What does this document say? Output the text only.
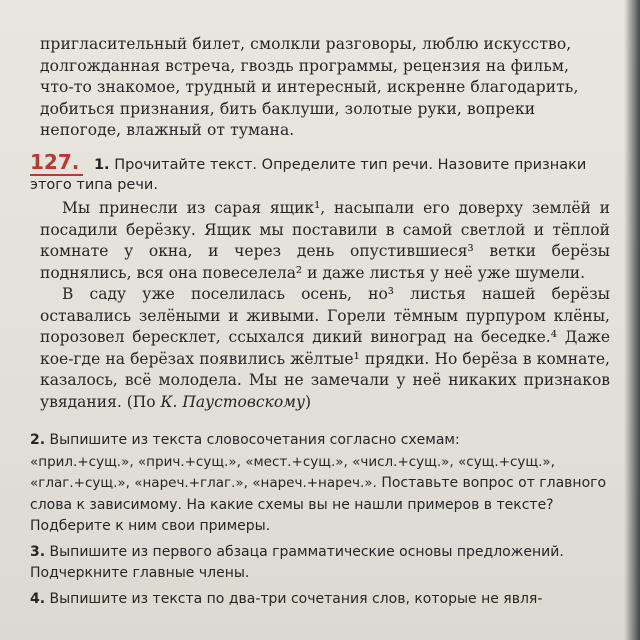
пригласительный билет, смолкли разговоры, люблю искусство, долгожданная встреча, гвоздь программы, рецензия на фильм, что-то знакомое, трудный и интересный, искренне благодарить, добиться признания, бить баклуши, золотые руки, вопреки непогоде, влажный от тумана.

127. 1. Прочитайте текст. Определите тип речи. Назовите признаки этого типа речи.

Мы принесли из сарая ящик¹, насыпали его доверху землёй и посадили берёзку. Ящик мы поставили в самой светлой и тёплой комнате у окна, и через день опустившиеся³ ветки берёзы поднялись, вся она повеселела² и даже листья у неё уже шумели.

В саду уже поселилась осень, но³ листья нашей берёзы оставались зелёными и живыми. Горели тёмным пурпуром клёны, порозовел бересклет, ссыхался дикий виноград на беседке.⁴ Даже кое-где на берёзах появились жёлтые¹ прядки. Но берёза в комнате, казалось, всё молодела. Мы не замечали у неё никаких признаков увядания. (По К. Паустовскому)

2. Выпишите из текста словосочетания согласно схемам:
«прил.+сущ.», «прич.+сущ.», «мест.+сущ.», «числ.+сущ.», «сущ.+сущ.»,
«глаг.+сущ.», «нареч.+глаг.», «нареч.+нареч.». Поставьте вопрос от главного слова к зависимому. На какие схемы вы не нашли примеров в тексте? Подберите к ним свои примеры.

3. Выпишите из первого абзаца грамматические основы предложений. Подчеркните главные члены.

4. Выпишите из текста по два-три сочетания слов, которые не явля-
